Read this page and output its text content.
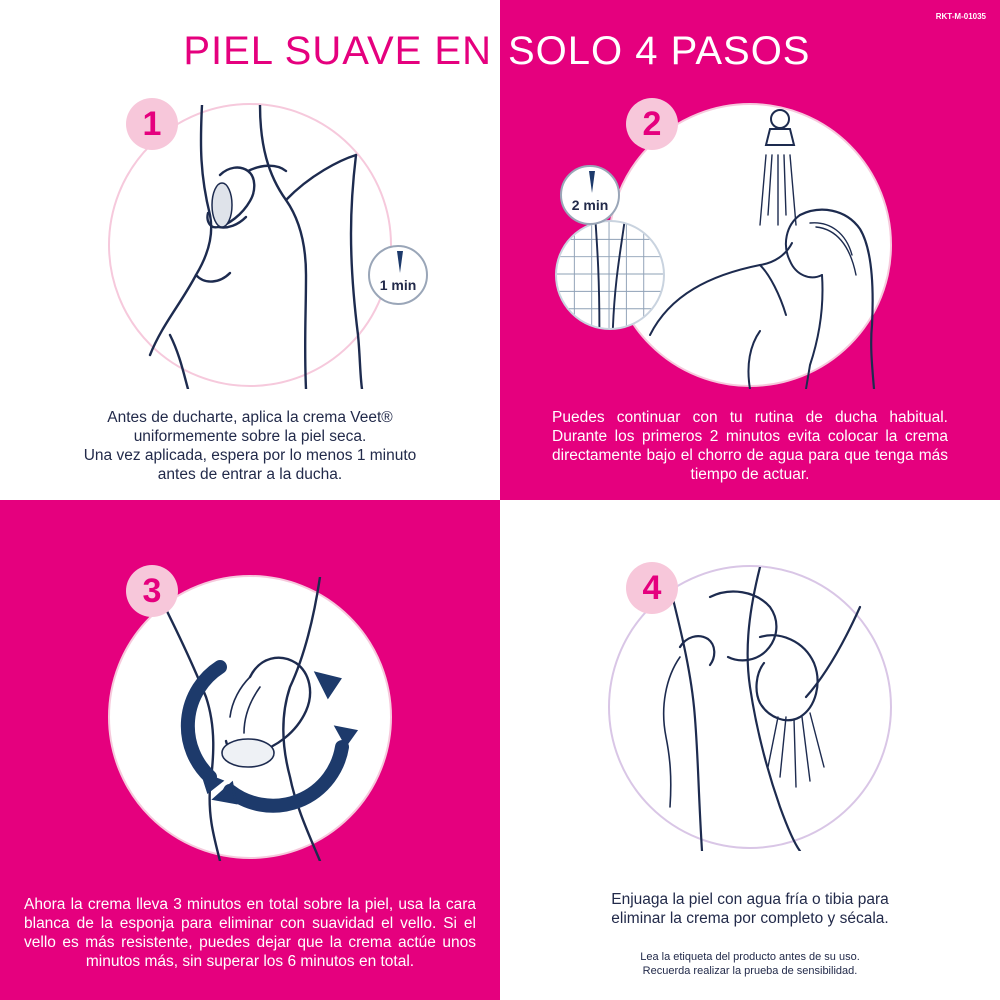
RKT-M-01035
PIEL SUAVE EN SOLO 4 PASOS
1
1 min
Antes de ducharte, aplica la crema Veet®
uniformemente sobre la piel seca.
Una vez aplicada, espera por lo menos 1 minuto
antes de entrar a la ducha.
2
2 min
Puedes continuar con tu rutina de ducha habitual. Durante los primeros 2 minutos evita colocar la crema directamente bajo el chorro de agua para que tenga más tiempo de actuar.
3
Ahora la crema lleva 3 minutos en total sobre la piel, usa la cara blanca de la esponja para eliminar con suavidad el vello. Si el vello es más resistente, puedes dejar que la crema actúe unos minutos más, sin superar los 6 minutos en total.
4
Enjuaga la piel con agua fría o tibia para
eliminar la crema por completo y sécala.
Lea la etiqueta del producto antes de su uso.
Recuerda realizar la prueba de sensibilidad.
